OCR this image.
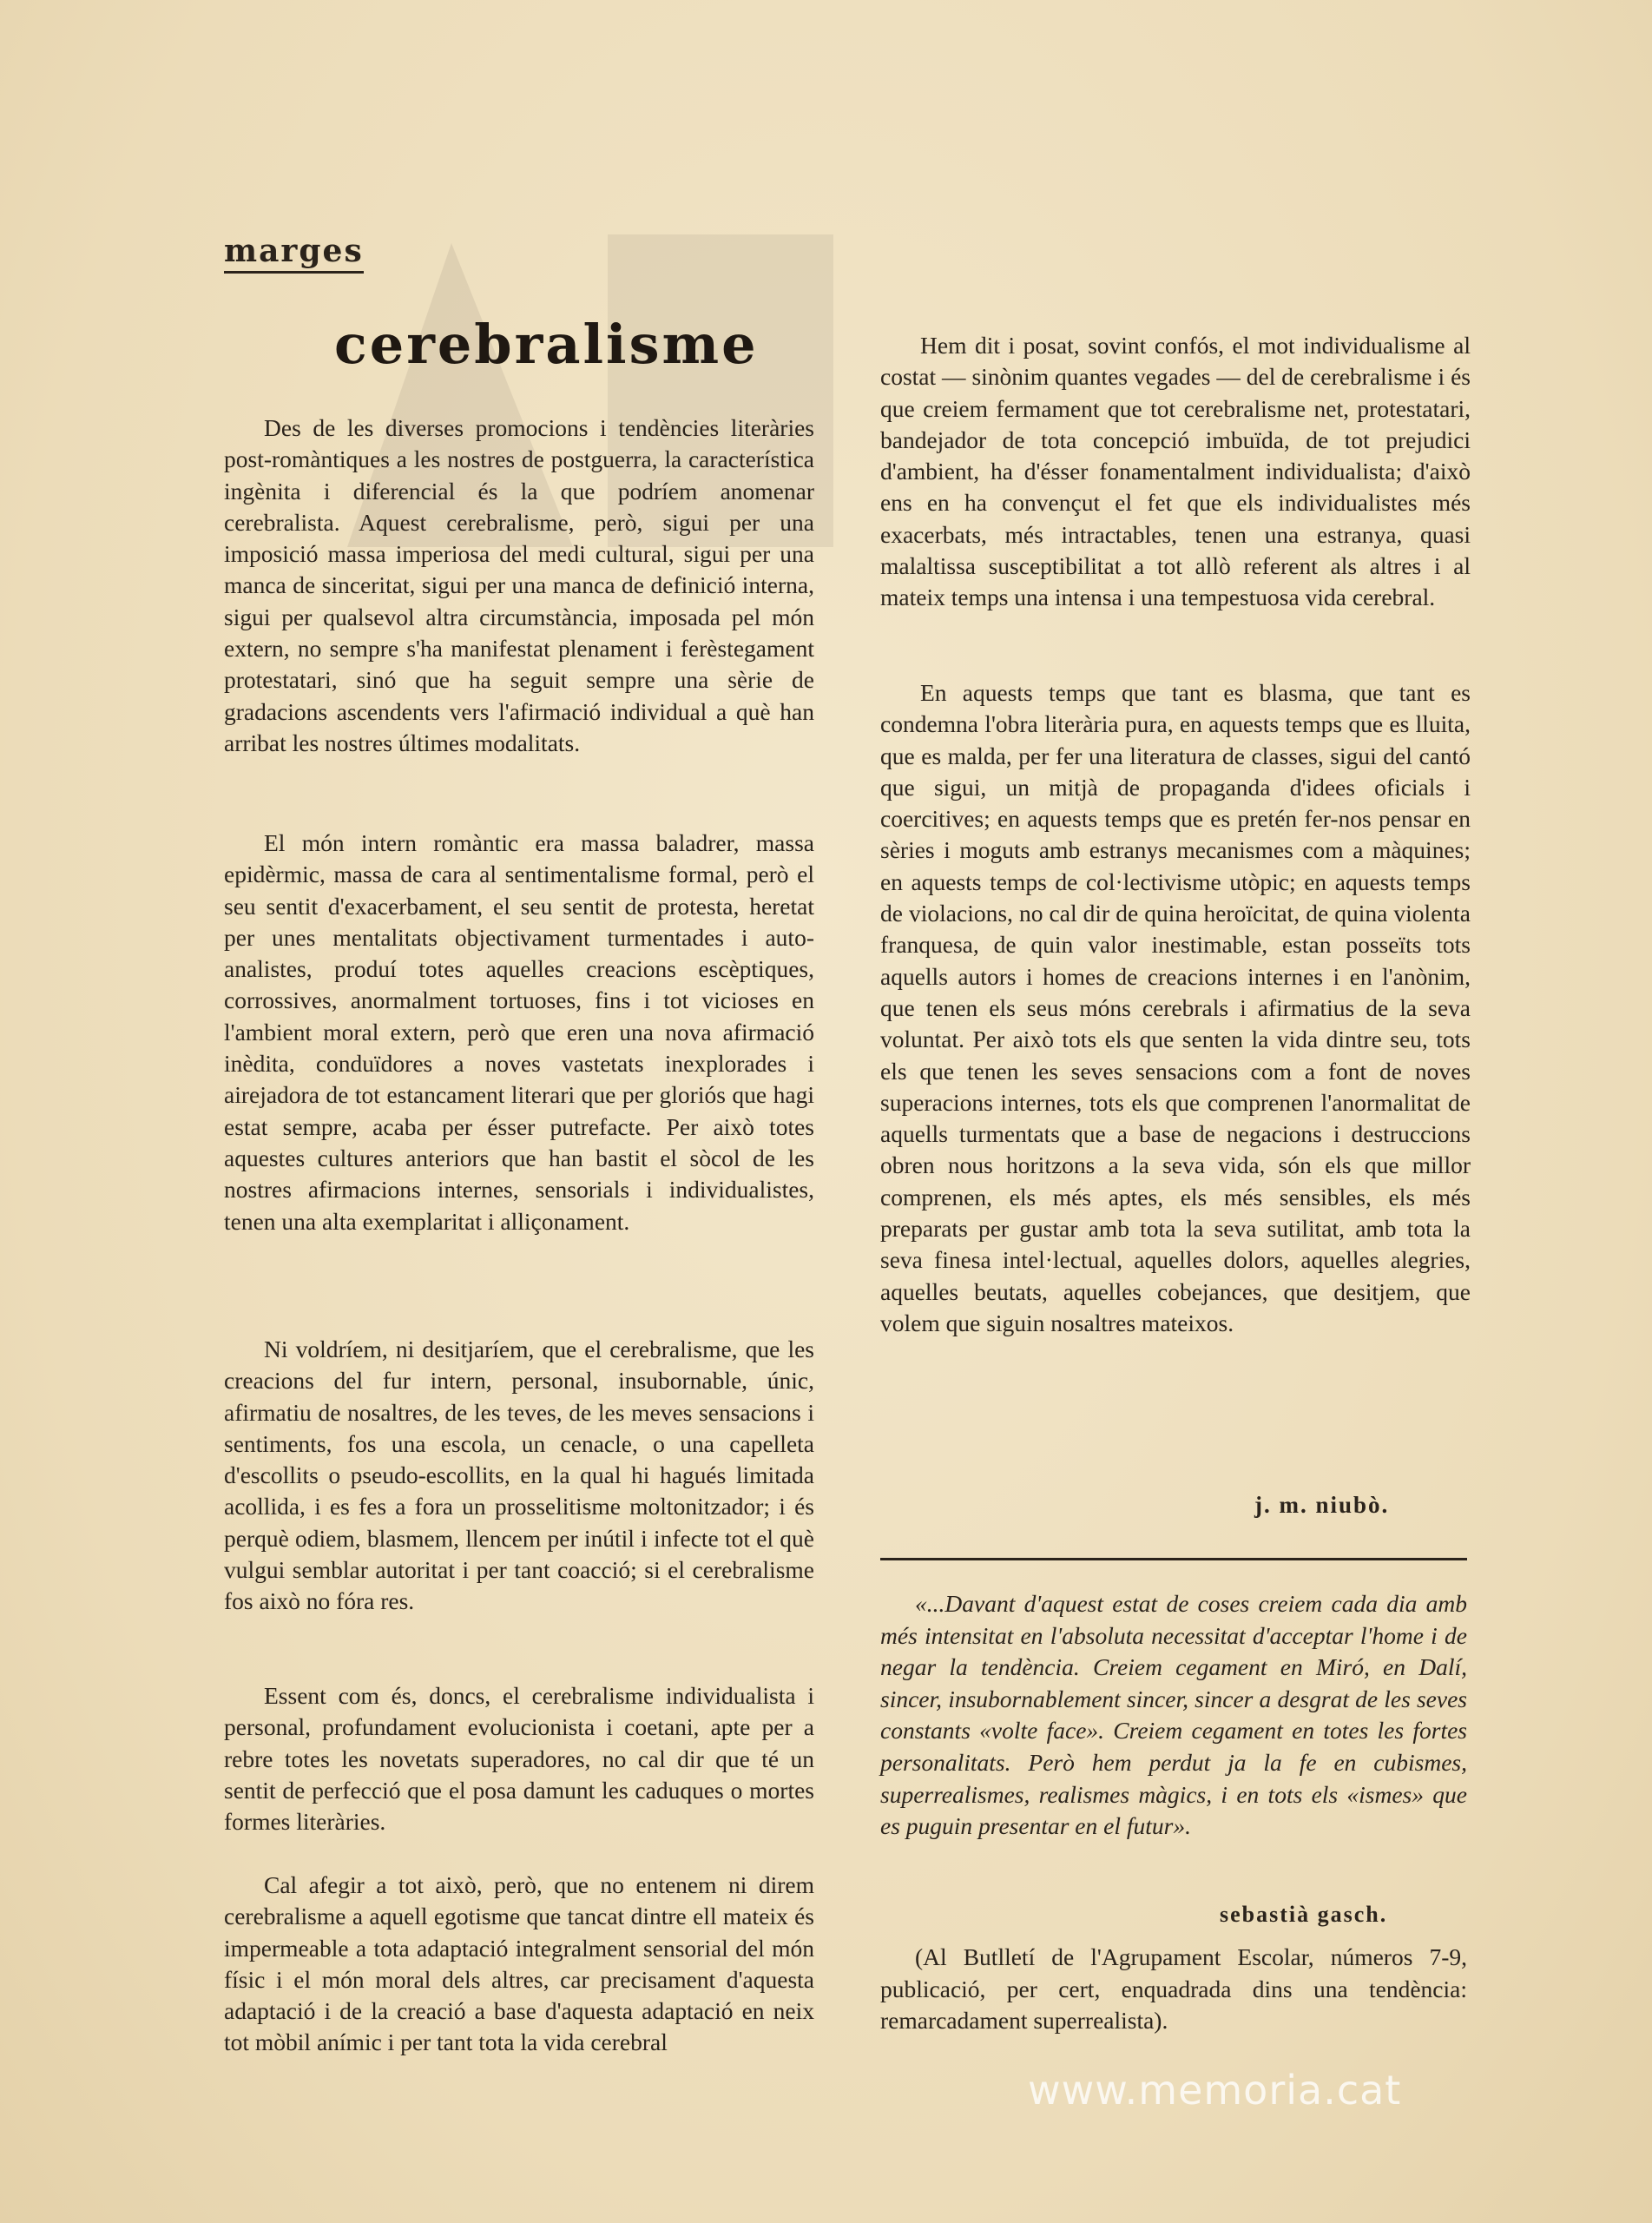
marges
cerebralisme

Des de les diverses promocions i tendències literàries post-romàntiques a les nostres de postguerra, la característica ingènita i diferencial és la que podríem anomenar cerebralista. Aquest cerebralisme, però, sigui per una imposició massa imperiosa del medi cultural, sigui per una manca de sinceritat, sigui per una manca de definició interna, sigui per qualsevol altra circumstància, imposada pel món extern, no sempre s'ha manifestat plenament i ferèstegament protestatari, sinó que ha seguit sempre una sèrie de gradacions ascendents vers l'afirmació individual a què han arribat les nostres últimes modalitats.

El món intern romàntic era massa baladrer, massa epidèrmic, massa de cara al sentimentalisme formal, però el seu sentit d'exacerbament, el seu sentit de protesta, heretat per unes mentalitats objectivament turmentades i auto-analistes, produí totes aquelles creacions escèptiques, corrossives, anormalment tortuoses, fins i tot vicioses en l'ambient moral extern, però que eren una nova afirmació inèdita, conduïdores a noves vastetats inexplorades i airejadora de tot estancament literari que per gloriós que hagi estat sempre, acaba per ésser putrefacte. Per això totes aquestes cultures anteriors que han bastit el sòcol de les nostres afirmacions internes, sensorials i individualistes, tenen una alta exemplaritat i alliçonament.

Ni voldríem, ni desitjaríem, que el cerebralisme, que les creacions del fur intern, personal, insubornable, únic, afirmatiu de nosaltres, de les teves, de les meves sensacions i sentiments, fos una escola, un cenacle, o una capelleta d'escollits o pseudo-escollits, en la qual hi hagués limitada acollida, i es fes a fora un prosselitisme moltonitzador; i és perquè odiem, blasmem, llencem per inútil i infecte tot el què vulgui semblar autoritat i per tant coacció; si el cerebralisme fos això no fóra res.

Essent com és, doncs, el cerebralisme individualista i personal, profundament evolucionista i coetani, apte per a rebre totes les novetats superadores, no cal dir que té un sentit de perfecció que el posa damunt les caduques o mortes formes literàries.

Cal afegir a tot això, però, que no entenem ni direm cerebralisme a aquell egotisme que tancat dintre ell mateix és impermeable a tota adaptació integralment sensorial del món físic i el món moral dels altres, car precisament d'aquesta adaptació i de la creació a base d'aquesta adaptació en neix tot mòbil anímic i per tant tota la vida cerebral

Hem dit i posat, sovint confós, el mot individualisme al costat — sinònim quantes vegades — del de cerebralisme i és que creiem fermament que tot cerebralisme net, protestatari, bandejador de tota concepció imbuïda, de tot prejudici d'ambient, ha d'ésser fonamentalment individualista; d'això ens en ha convençut el fet que els individualistes més exacerbats, més intractables, tenen una estranya, quasi malaltissa susceptibilitat a tot allò referent als altres i al mateix temps una intensa i una tempestuosa vida cerebral.

En aquests temps que tant es blasma, que tant es condemna l'obra literària pura, en aquests temps que es lluita, que es malda, per fer una literatura de classes, sigui del cantó que sigui, un mitjà de propaganda d'idees oficials i coercitives; en aquests temps que es pretén fer-nos pensar en sèries i moguts amb estranys mecanismes com a màquines; en aquests temps de col·lectivisme utòpic; en aquests temps de violacions, no cal dir de quina heroïcitat, de quina violenta franquesa, de quin valor inestimable, estan posseïts tots aquells autors i homes de creacions internes i en l'anònim, que tenen els seus móns cerebrals i afirmatius de la seva voluntat. Per això tots els que senten la vida dintre seu, tots els que tenen les seves sensacions com a font de noves superacions internes, tots els que comprenen l'anormalitat de aquells turmentats que a base de negacions i destruccions obren nous horitzons a la seva vida, són els que millor comprenen, els més aptes, els més sensibles, els més preparats per gustar amb tota la seva sutilitat, amb tota la seva finesa intel·lectual, aquelles dolors, aquelles alegries, aquelles beutats, aquelles cobejances, que desitjem, que volem que siguin nosaltres mateixos.

j. m. niubò.

«...Davant d'aquest estat de coses creiem cada dia amb més intensitat en l'absoluta necessitat d'acceptar l'home i de negar la tendència. Creiem cegament en Miró, en Dalí, sincer, insubornablement sincer, sincer a desgrat de les seves constants «volte face». Creiem cegament en totes les fortes personalitats. Però hem perdut ja la fe en cubismes, superrealismes, realismes màgics, i en tots els «ismes» que es puguin presentar en el futur».

sebastià gasch.

(Al Butlletí de l'Agrupament Escolar, números 7-9, publicació, per cert, enquadrada dins una tendència: remarcadament superrealista).

www.memoria.cat
